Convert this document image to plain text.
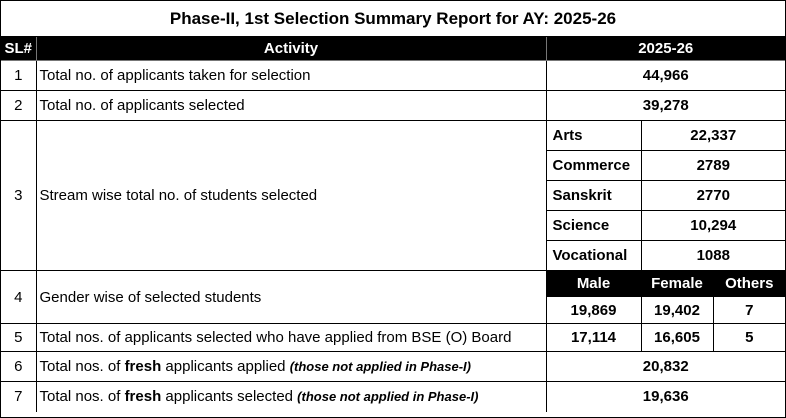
Phase-II, 1st Selection Summary Report for AY: 2025-26
SL#	Activity	2025-26		
1	Total no. of applicants taken for selection	44,966		
2	Total no. of applicants selected	39,278		
3	Stream wise total no. of students selected	Arts	22,337	
		Commerce	2789	
		Sanskrit	2770	
		Science	10,294	
		Vocational	1088	
4	Gender wise of selected students	Male	Female	Others
		19,869	19,402	7
5	Total nos. of applicants selected who have applied from BSE (O) Board	17,114	16,605	5
6	Total nos. of fresh applicants applied (those not applied in Phase-I)	20,832		
7	Total nos. of fresh applicants selected (those not applied in Phase-I)	19,636		
